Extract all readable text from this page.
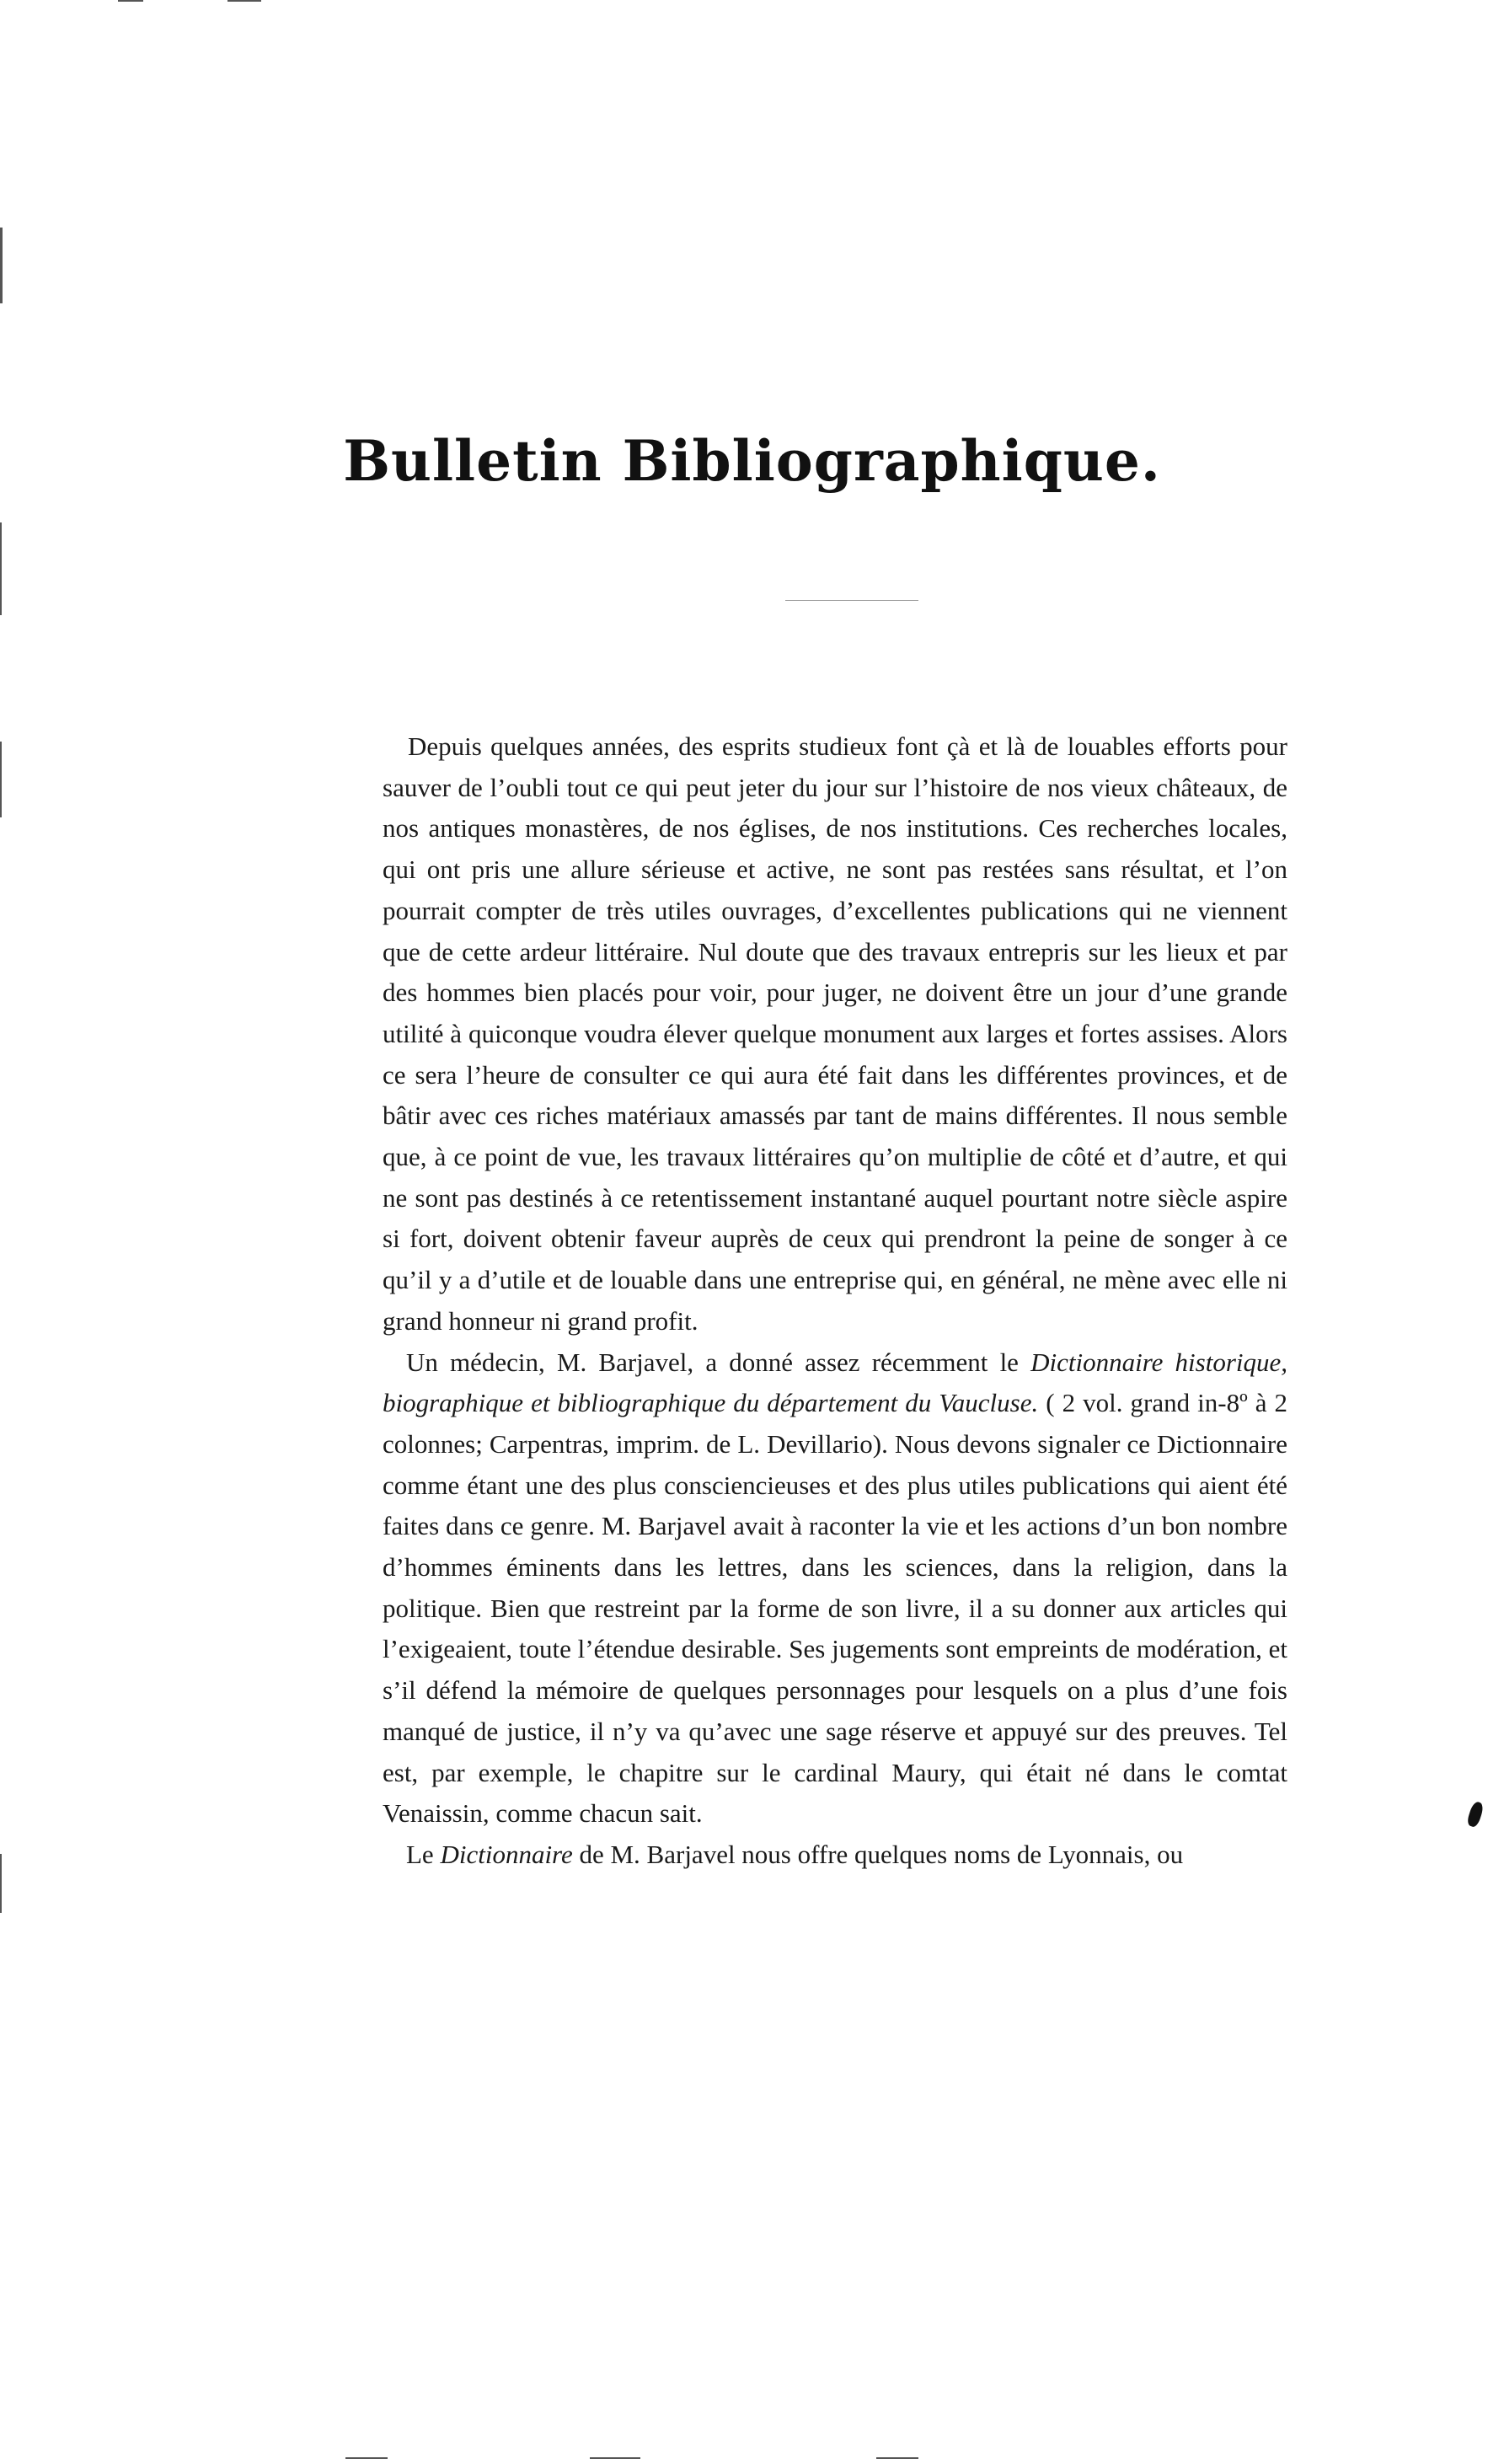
Bulletin Bibliographique.

Depuis quelques années, des esprits studieux font çà et là de louables efforts pour sauver de l’oubli tout ce qui peut jeter du jour sur l’histoire de nos vieux châteaux, de nos antiques monastères, de nos églises, de nos institutions. Ces recherches locales, qui ont pris une allure sérieuse et active, ne sont pas restées sans résultat, et l’on pourrait compter de très utiles ouvrages, d’excellentes publications qui ne viennent que de cette ardeur littéraire. Nul doute que des travaux entrepris sur les lieux et par des hommes bien placés pour voir, pour juger, ne doivent être un jour d’une grande utilité à quiconque voudra élever quelque monument aux larges et fortes assises. Alors ce sera l’heure de consulter ce qui aura été fait dans les différentes provinces, et de bâtir avec ces riches matériaux amassés par tant de mains différentes. Il nous semble que, à ce point de vue, les travaux littéraires qu’on multiplie de côté et d’autre, et qui ne sont pas destinés à ce retentissement instantané auquel pourtant notre siècle aspire si fort, doivent obtenir faveur auprès de ceux qui prendront la peine de songer à ce qu’il y a d’utile et de louable dans une entreprise qui, en général, ne mène avec elle ni grand honneur ni grand profit.

Un médecin, M. Barjavel, a donné assez récemment le Dictionnaire historique, biographique et bibliographique du département du Vaucluse. ( 2 vol. grand in-8º à 2 colonnes; Carpentras, imprim. de L. Devillario). Nous devons signaler ce Dictionnaire comme étant une des plus consciencieuses et des plus utiles publications qui aient été faites dans ce genre. M. Barjavel avait à raconter la vie et les actions d’un bon nombre d’hommes éminents dans les lettres, dans les sciences, dans la religion, dans la politique. Bien que restreint par la forme de son livre, il a su donner aux articles qui l’exigeaient, toute l’étendue desirable. Ses jugements sont empreints de modération, et s’il défend la mémoire de quelques personnages pour lesquels on a plus d’une fois manqué de justice, il n’y va qu’avec une sage réserve et appuyé sur des preuves. Tel est, par exemple, le chapitre sur le cardinal Maury, qui était né dans le comtat Venaissin, comme chacun sait.

Le Dictionnaire de M. Barjavel nous offre quelques noms de Lyonnais, ou
